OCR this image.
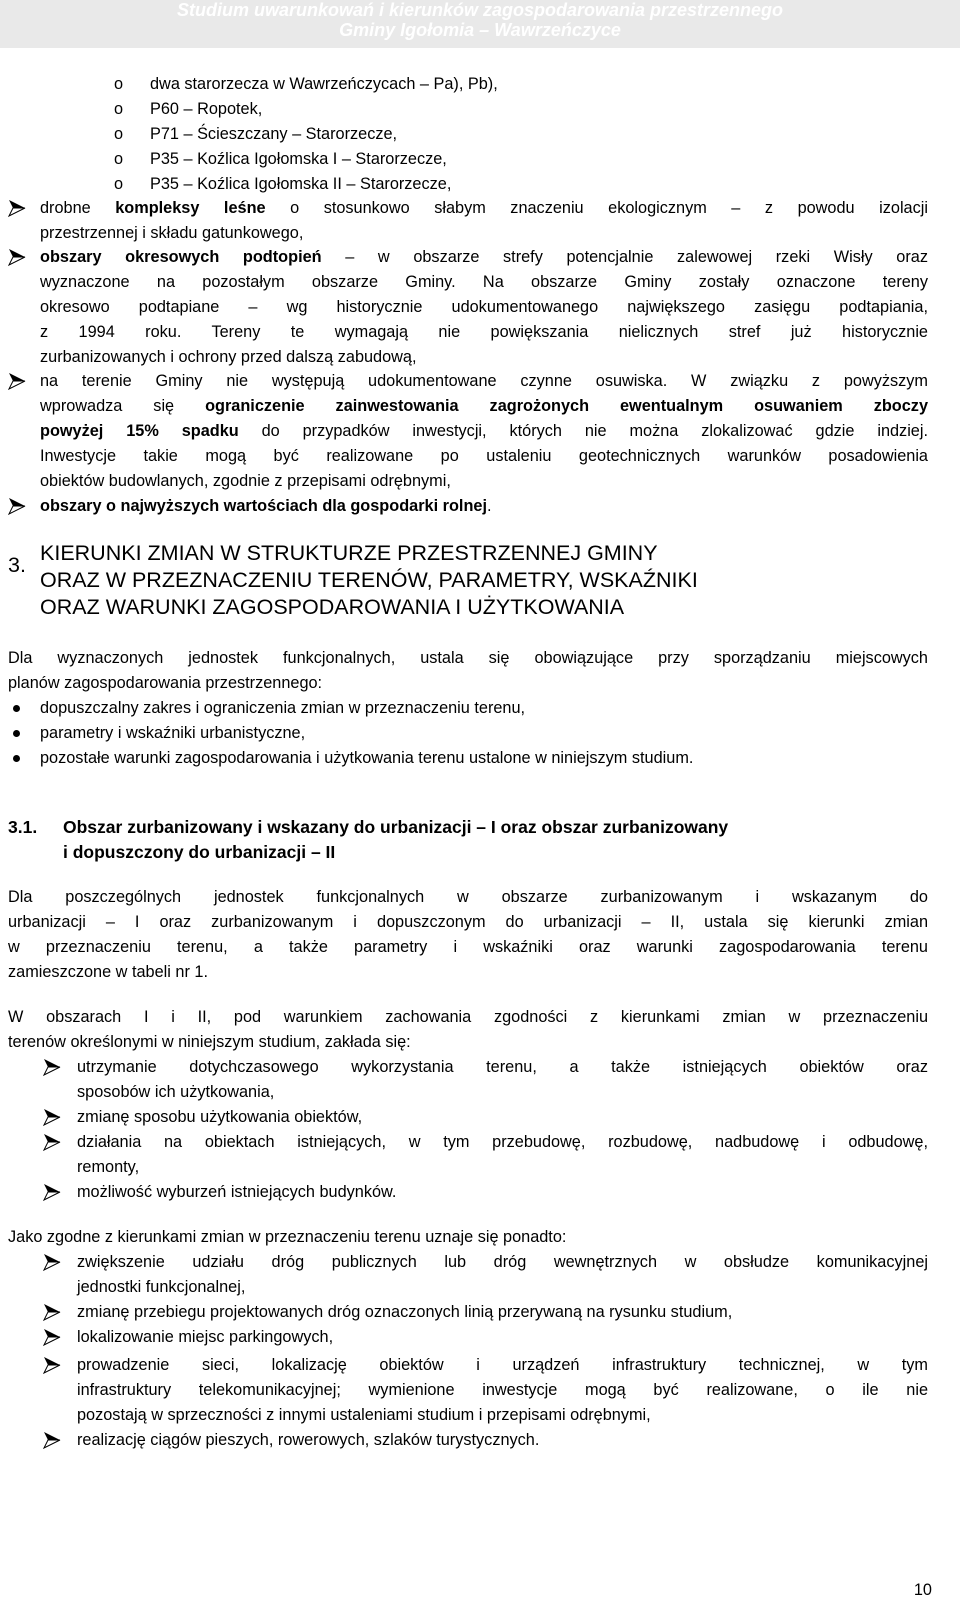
Studium uwarunkowań i kierunków zagospodarowania przestrzennego
Gminy Igołomia – Wawrzeńczyce
o dwa starorzecza w Wawrzeńczycach – Pa), Pb),
o P60 – Ropotek,
o P71 – Ścieszczany – Starorzecze,
o P35 – Koźlica Igołomska I – Starorzecze,
o P35 – Koźlica Igołomska II – Starorzecze,
drobne kompleksy leśne o stosunkowo słabym znaczeniu ekologicznym – z powodu izolacji
przestrzennej i składu gatunkowego,
obszary okresowych podtopień – w obszarze strefy potencjalnie zalewowej rzeki Wisły oraz
wyznaczone na pozostałym obszarze Gminy. Na obszarze Gminy zostały oznaczone tereny
okresowo podtapiane – wg historycznie udokumentowanego największego zasięgu podtapiania,
z 1994 roku. Tereny te wymagają nie powiększania nielicznych stref już historycznie
zurbanizowanych i ochrony przed dalszą zabudową,
na terenie Gminy nie występują udokumentowane czynne osuwiska. W związku z powyższym
wprowadza się ograniczenie zainwestowania zagrożonych ewentualnym osuwaniem zboczy
powyżej 15% spadku do przypadków inwestycji, których nie można zlokalizować gdzie indziej.
Inwestycje takie mogą być realizowane po ustaleniu geotechnicznych warunków posadowienia
obiektów budowlanych, zgodnie z przepisami odrębnymi,
obszary o najwyższych wartościach dla gospodarki rolnej.
3. KIERUNKI ZMIAN W STRUKTURZE PRZESTRZENNEJ GMINY
ORAZ W PRZEZNACZENIU TERENÓW, PARAMETRY, WSKAŹNIKI
ORAZ WARUNKI ZAGOSPODAROWANIA I UŻYTKOWANIA
Dla wyznaczonych jednostek funkcjonalnych, ustala się obowiązujące przy sporządzaniu miejscowych
planów zagospodarowania przestrzennego:
dopuszczalny zakres i ograniczenia zmian w przeznaczeniu terenu,
parametry i wskaźniki urbanistyczne,
pozostałe warunki zagospodarowania i użytkowania terenu ustalone w niniejszym studium.
3.1. Obszar zurbanizowany i wskazany do urbanizacji – I oraz obszar zurbanizowany
i dopuszczony do urbanizacji – II
Dla poszczególnych jednostek funkcjonalnych w obszarze zurbanizowanym i wskazanym do
urbanizacji – I oraz zurbanizowanym i dopuszczonym do urbanizacji – II, ustala się kierunki zmian
w przeznaczeniu terenu, a także parametry i wskaźniki oraz warunki zagospodarowania terenu
zamieszczone w tabeli nr 1.
W obszarach I i II, pod warunkiem zachowania zgodności z kierunkami zmian w przeznaczeniu
terenów określonymi w niniejszym studium, zakłada się:
utrzymanie dotychczasowego wykorzystania terenu, a także istniejących obiektów oraz
sposobów ich użytkowania,
zmianę sposobu użytkowania obiektów,
działania na obiektach istniejących, w tym przebudowę, rozbudowę, nadbudowę i odbudowę,
remonty,
możliwość wyburzeń istniejących budynków.
Jako zgodne z kierunkami zmian w przeznaczeniu terenu uznaje się ponadto:
zwiększenie udziału dróg publicznych lub dróg wewnętrznych w obsłudze komunikacyjnej
jednostki funkcjonalnej,
zmianę przebiegu projektowanych dróg oznaczonych linią przerywaną na rysunku studium,
lokalizowanie miejsc parkingowych,
prowadzenie sieci, lokalizację obiektów i urządzeń infrastruktury technicznej, w tym
infrastruktury telekomunikacyjnej; wymienione inwestycje mogą być realizowane, o ile nie
pozostają w sprzeczności z innymi ustaleniami studium i przepisami odrębnymi,
realizację ciągów pieszych, rowerowych, szlaków turystycznych.
10
